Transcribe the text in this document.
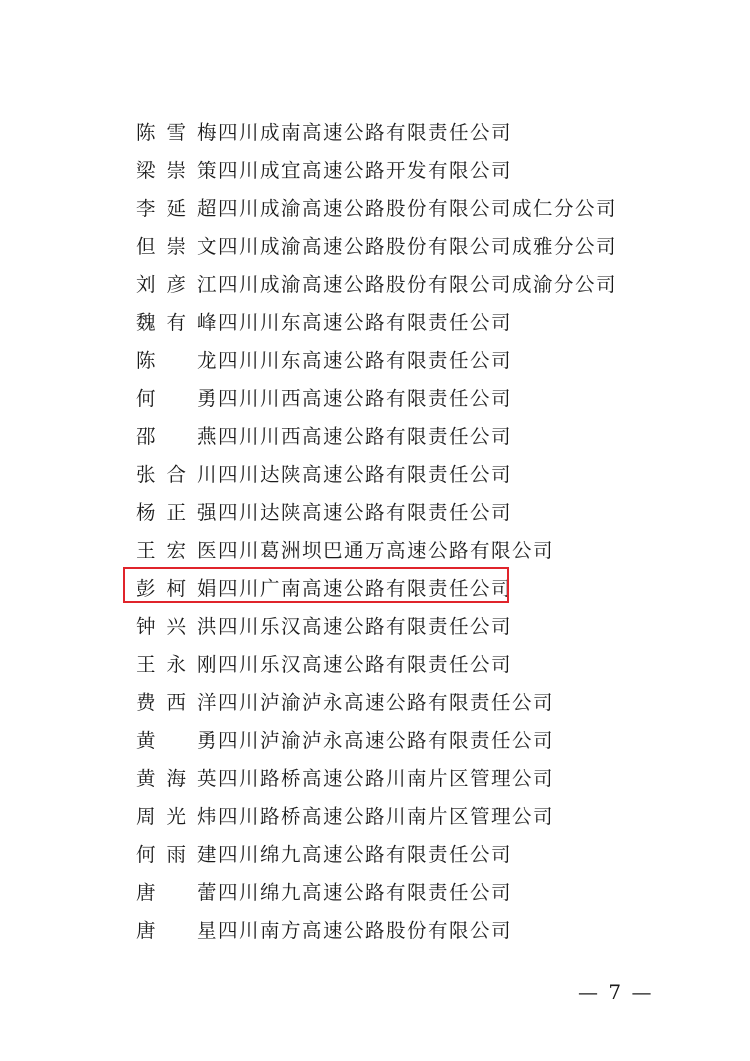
陈雪梅 四川成南高速公路有限责任公司
梁崇策 四川成宜高速公路开发有限公司
李延超 四川成渝高速公路股份有限公司成仁分公司
但崇文 四川成渝高速公路股份有限公司成雅分公司
刘彦江 四川成渝高速公路股份有限公司成渝分公司
魏有峰 四川川东高速公路有限责任公司
陈龙 四川川东高速公路有限责任公司
何勇 四川川西高速公路有限责任公司
邵燕 四川川西高速公路有限责任公司
张合川 四川达陕高速公路有限责任公司
杨正强 四川达陕高速公路有限责任公司
王宏医 四川葛洲坝巴通万高速公路有限公司
彭柯娟 四川广南高速公路有限责任公司
钟兴洪 四川乐汉高速公路有限责任公司
王永刚 四川乐汉高速公路有限责任公司
费西洋 四川泸渝泸永高速公路有限责任公司
黄勇 四川泸渝泸永高速公路有限责任公司
黄海英 四川路桥高速公路川南片区管理公司
周光炜 四川路桥高速公路川南片区管理公司
何雨建 四川绵九高速公路有限责任公司
唐蕾 四川绵九高速公路有限责任公司
唐星 四川南方高速公路股份有限公司
— 7 —
